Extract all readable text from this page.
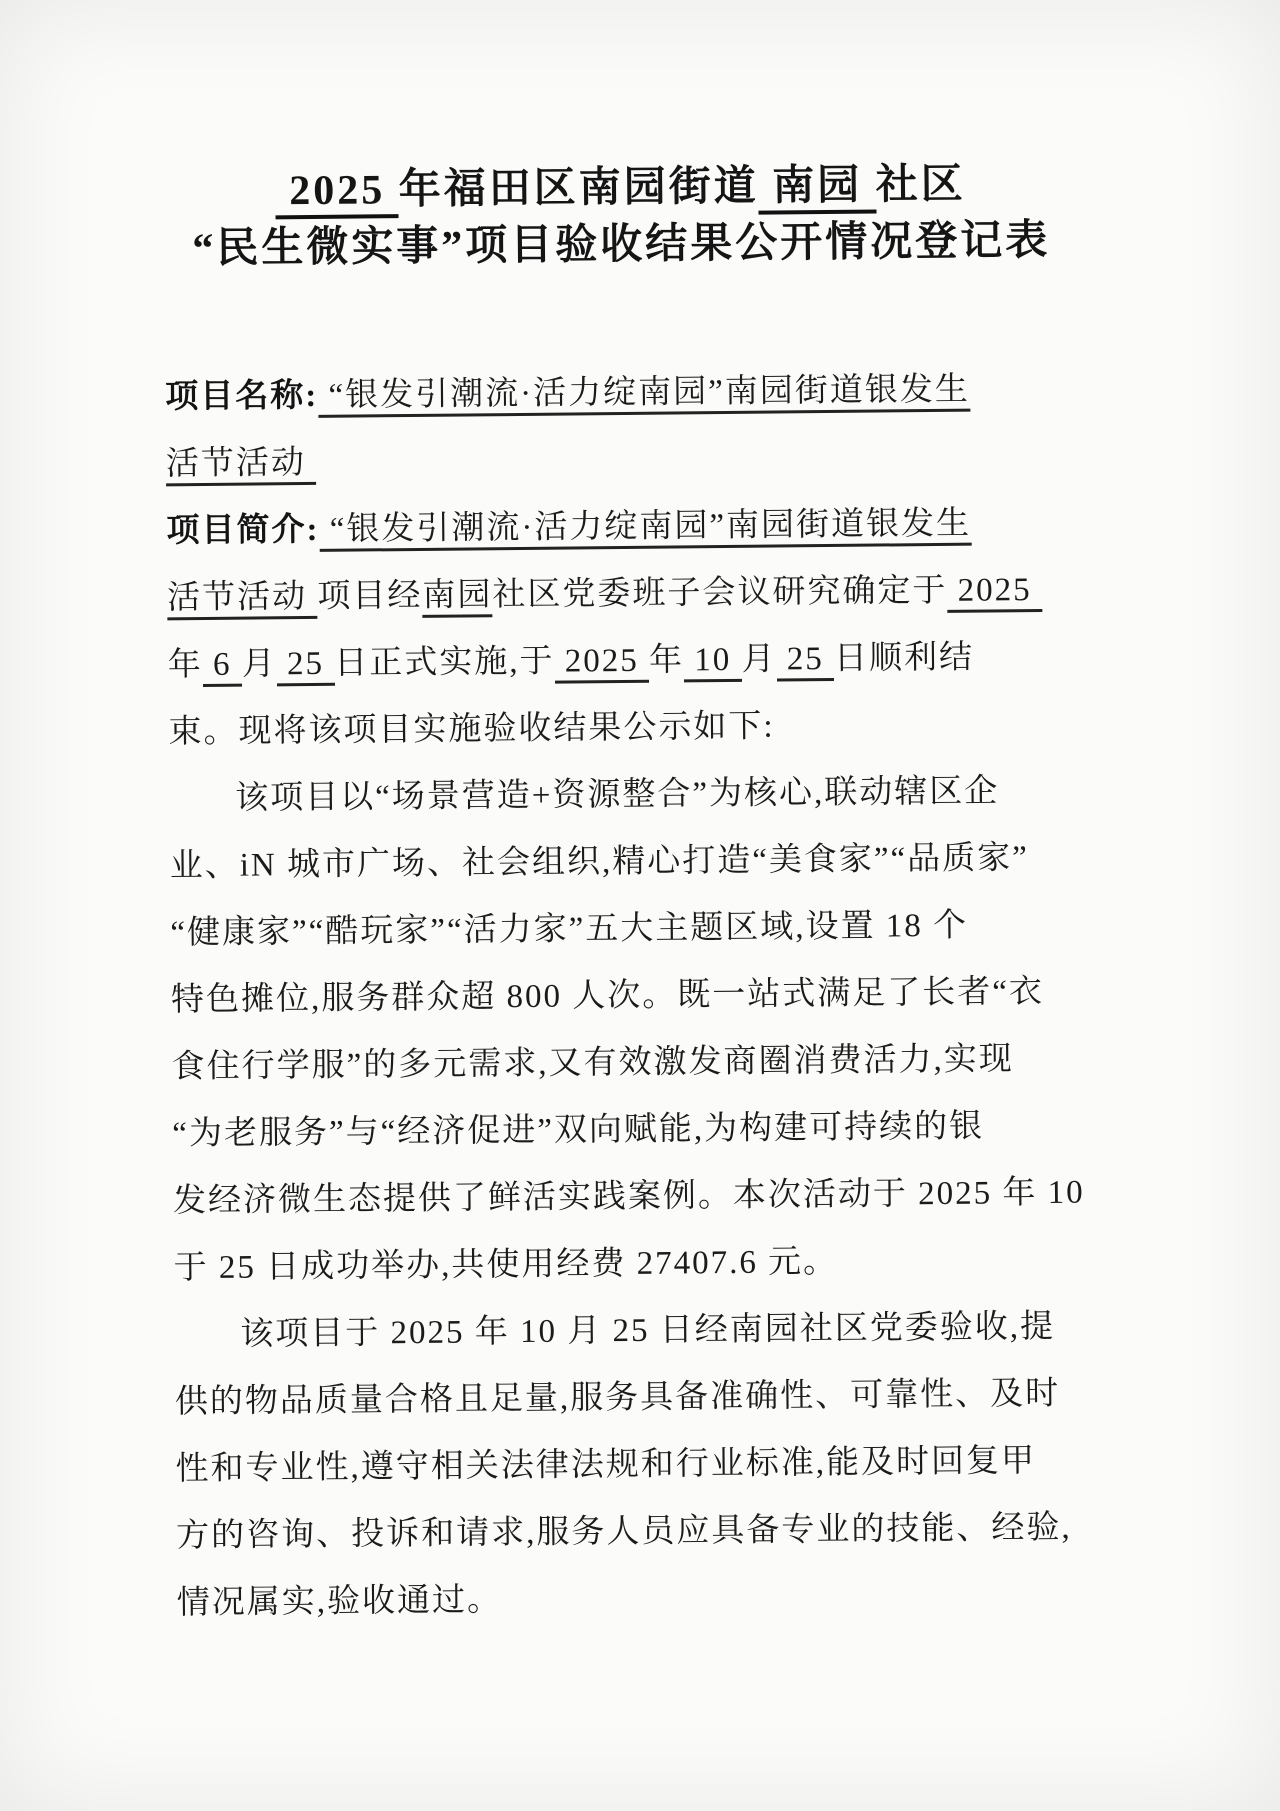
2025 年福田区南园街道 南园 社区
“民生微实事”项目验收结果公开情况登记表
项目名称: “银发引潮流·活力绽南园”南园街道银发生
活节活动
项目简介: “银发引潮流·活力绽南园”南园街道银发生
活节活动 项目经南园社区党委班子会议研究确定于 2025
年 6 月 25 日正式实施,于 2025 年 10 月 25 日顺利结
束。现将该项目实施验收结果公示如下:
该项目以“场景营造+资源整合”为核心,联动辖区企
业、iN 城市广场、社会组织,精心打造“美食家”“品质家”
“健康家”“酷玩家”“活力家”五大主题区域,设置 18 个
特色摊位,服务群众超 800 人次。既一站式满足了长者“衣
食住行学服”的多元需求,又有效激发商圈消费活力,实现
“为老服务”与“经济促进”双向赋能,为构建可持续的银
发经济微生态提供了鲜活实践案例。本次活动于 2025 年 10
于 25 日成功举办,共使用经费 27407.6 元。
该项目于 2025 年 10 月 25 日经南园社区党委验收,提
供的物品质量合格且足量,服务具备准确性、可靠性、及时
性和专业性,遵守相关法律法规和行业标准,能及时回复甲
方的咨询、投诉和请求,服务人员应具备专业的技能、经验,
情况属实,验收通过。
